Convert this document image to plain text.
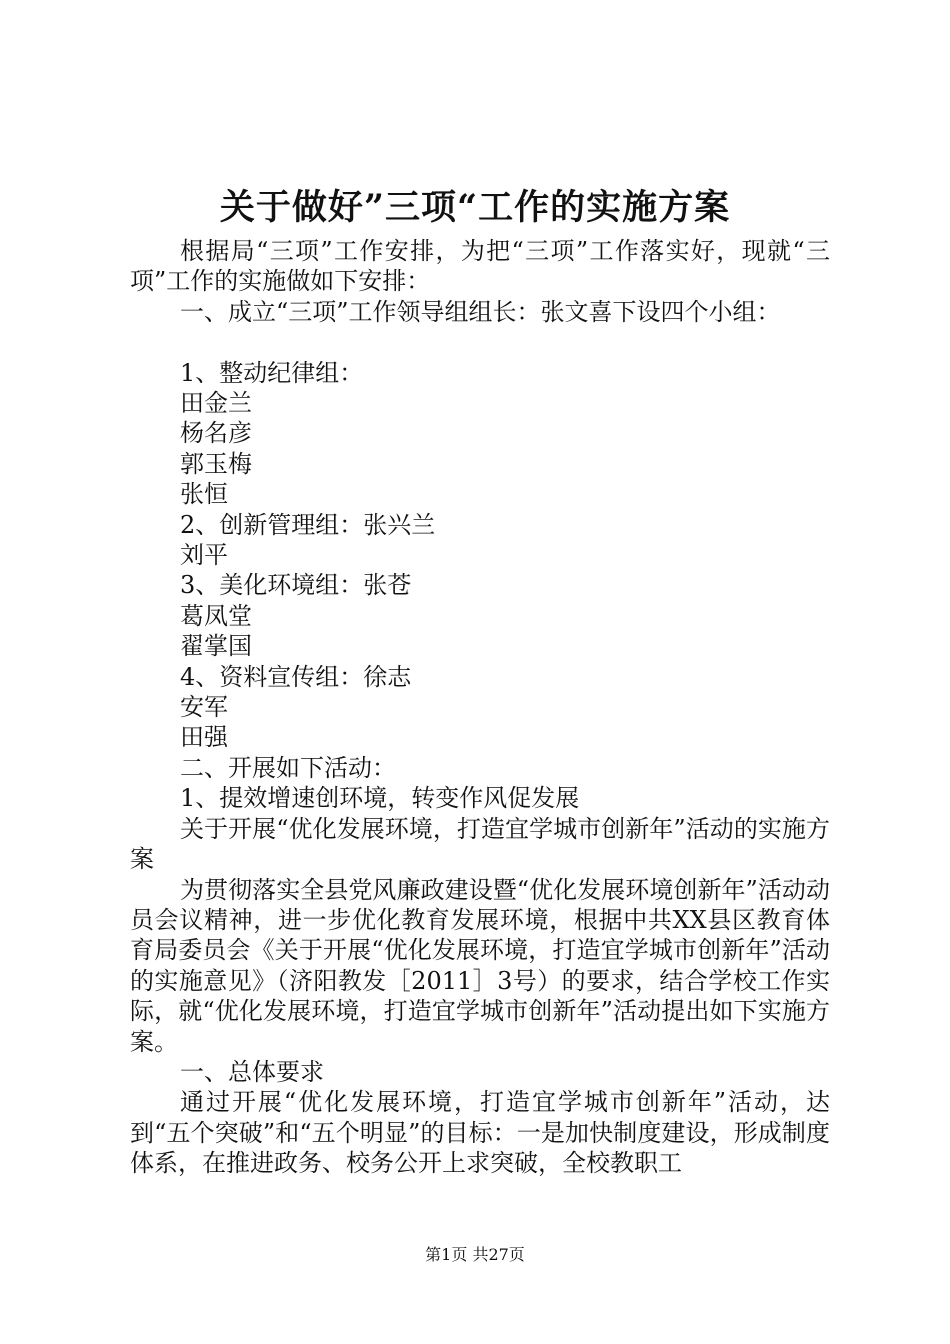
关于做好”三项“工作的实施方案

根据局“三项”工作安排，为把“三项”工作落实好，现就“三项”工作的实施做如下安排：

一、成立“三项”工作领导组组长：张文喜下设四个小组：

1、整动纪律组：

田金兰

杨名彦

郭玉梅

张恒

2、创新管理组：张兴兰

刘平

3、美化环境组：张苍

葛凤堂

翟掌国

4、资料宣传组：徐志

安军

田强

二、开展如下活动：

1、提效增速创环境，转变作风促发展

关于开展“优化发展环境，打造宜学城市创新年”活动的实施方案

为贯彻落实全县党风廉政建设暨“优化发展环境创新年”活动动员会议精神，进一步优化教育发展环境，根据中共XX县区教育体育局委员会《关于开展“优化发展环境，打造宜学城市创新年”活动的实施意见》（济阳教发［2011］3号）的要求，结合学校工作实际，就“优化发展环境，打造宜学城市创新年”活动提出如下实施方案。

一、总体要求

通过开展“优化发展环境，打造宜学城市创新年”活动，达到“五个突破”和“五个明显”的目标：一是加快制度建设，形成制度体系，在推进政务、校务公开上求突破，全校教职工

第1页 共27页
